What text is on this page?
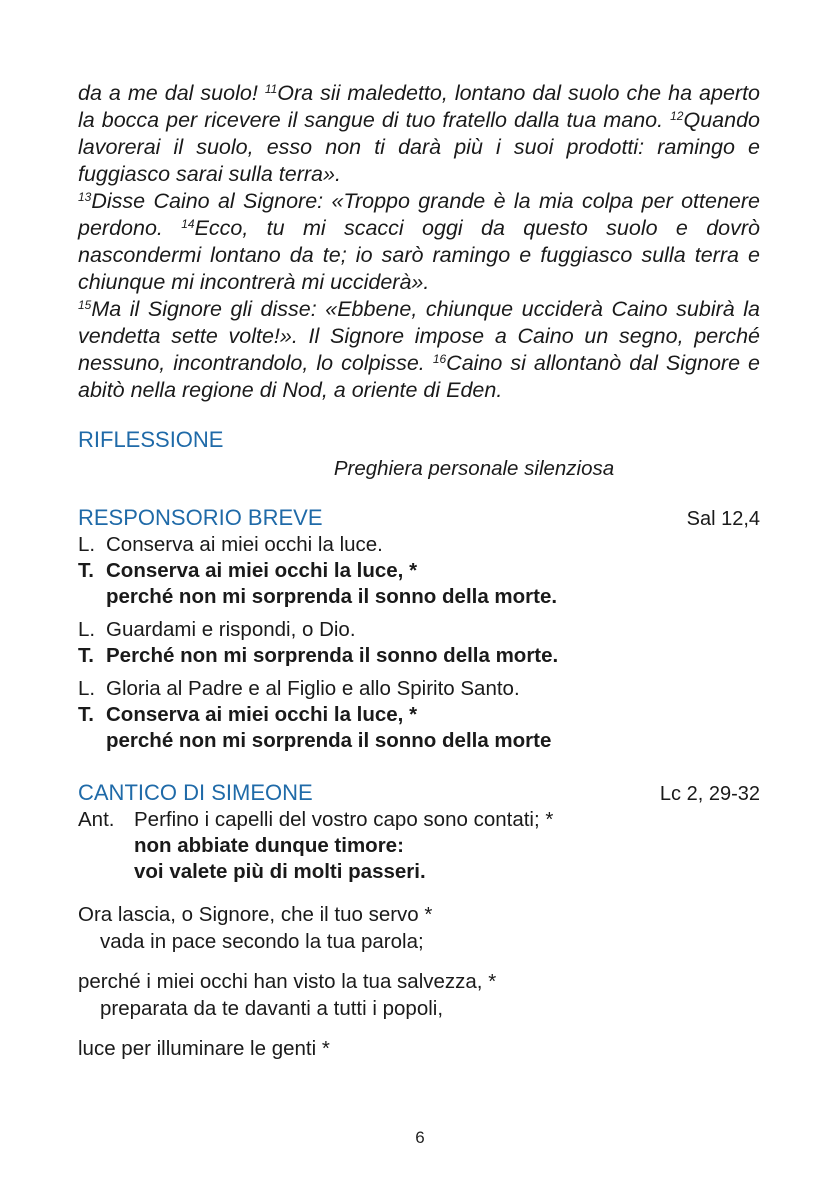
da a me dal suolo! $^{11}$Ora sii maledetto, lontano dal suolo che ha aperto la bocca per ricevere il sangue di tuo fratello dalla tua mano. $^{12}$Quando lavorerai il suolo, esso non ti darà più i suoi prodotti: ramingo e fuggiasco sarai sulla terra».

$^{13}$Disse Caino al Signore: «Troppo grande è la mia colpa per ottenere perdono. $^{14}$Ecco, tu mi scacci oggi da questo suolo e dovrò nascondermi lontano da te; io sarò ramingo e fuggiasco sulla terra e chiunque mi incontrerà mi ucciderà».

$^{15}$Ma il Signore gli disse: «Ebbene, chiunque ucciderà Caino subirà la vendetta sette volte!». Il Signore impose a Caino un segno, perché nessuno, incontrandolo, lo colpisse. $^{16}$Caino si allontanò dal Signore e abitò nella regione di Nod, a oriente di Eden.

RIFLESSIONE
Preghiera personale silenziosa
RESPONSORIO BREVE	Sal 12,4
L. Conserva ai miei occhi la luce.
T. Conserva ai miei occhi la luce, *
perché non mi sorprenda il sonno della morte.
L. Guardami e rispondi, o Dio.
T. Perché non mi sorprenda il sonno della morte.
L. Gloria al Padre e al Figlio e allo Spirito Santo.
T. Conserva ai miei occhi la luce, *
perché non mi sorprenda il sonno della morte
CANTICO DI SIMEONE	Lc 2, 29-32
Ant. Perfino i capelli del vostro capo sono contati; *
non abbiate dunque timore:
voi valete più di molti passeri.
Ora lascia, o Signore, che il tuo servo *
vada in pace secondo la tua parola;
perché i miei occhi han visto la tua salvezza, *
preparata da te davanti a tutti i popoli,
luce per illuminare le genti *
6
